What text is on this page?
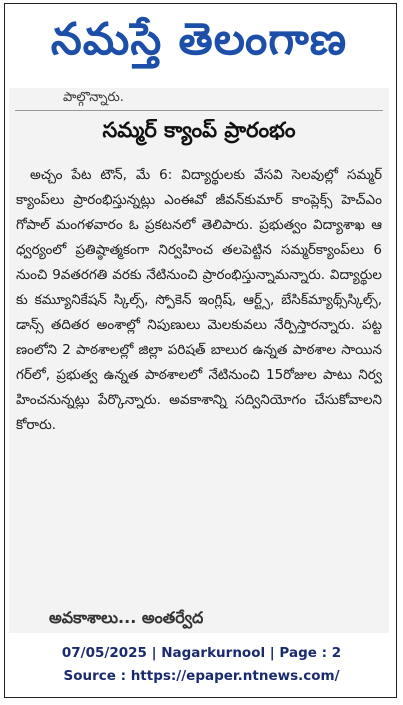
నమస్తే తెలంగాణ
పాల్గొన్నారు.
సమ్మర్‌ క్యాంప్‌ ప్రారంభం

అచ్చం పేట టౌన్‌, మే 6: విద్యార్థులకు వేసవి సెలవుల్లో సమ్మర్‌ క్యాంప్‌లు ప్రారంభిస్తున్నట్లు ఎంఈవో జీవన్‌కుమార్‌ కాంప్లెక్స్‌ హెచ్‌ఎం గోపాల్‌ మంగళవారం ఓ ప్రకటనలో తెలిపారు. ప్రభుత్వం విద్యాశాఖ ఆధ్వర్యంలో ప్రతిష్ఠాత్మకంగా నిర్వహించ తలపెట్టిన సమ్మర్‌క్యాంప్‌లు 6 నుంచి 9వతరగతి వరకు నేటినుంచి ప్రారంభిస్తున్నామన్నారు. విద్యార్థులకు కమ్యూనికేషన్‌ స్కిల్స్‌, స్పోకెన్‌ ఇంగ్లిష్‌, ఆర్ట్స్‌, బేసిక్‌మ్యాథ్స్‌స్కిల్స్‌, డాన్స్‌ తదితర అంశాల్లో నిపుణులు మెలకువలు నేర్పిస్తారన్నారు. పట్టణంలోని 2 పాఠశాలల్లో జిల్లా పరిషత్‌ బాలుర ఉన్నత పాఠశాల సాయినగర్‌లో, ప్రభుత్వ ఉన్నత పాఠశాలలో నేటినుంచి 15రోజుల పాటు నిర్వ హించనున్నట్లు పేర్కొన్నారు. అవకాశాన్ని సద్వినియోగం చేసుకోవాలని కోరారు.

అవకాశాలు... అంతర్వేద
07/05/2025 | Nagarkurnool | Page : 2
Source : https://epaper.ntnews.com/
